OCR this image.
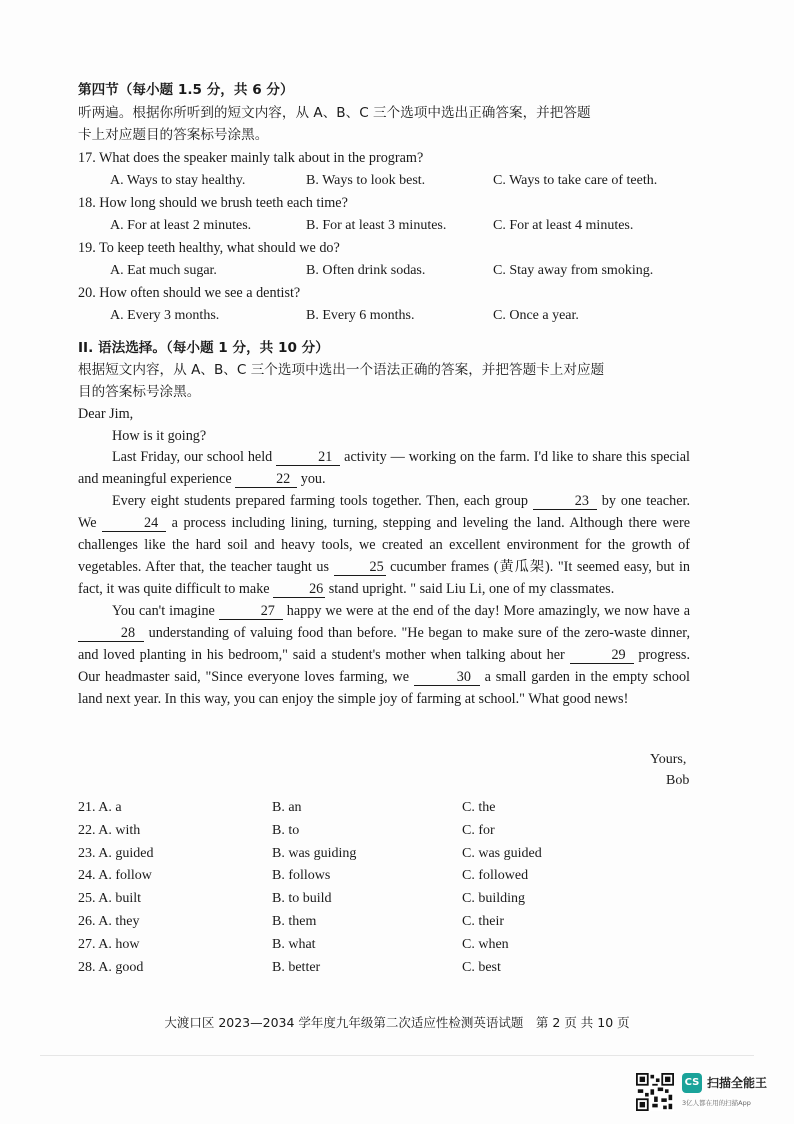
第四节（每小题 1.5 分，共 6 分）
听两遍。根据你所听到的短文内容，从 A、B、C 三个选项中选出正确答案，并把答题
卡上对应题目的答案标号涂黑。
17. What does the speaker mainly talk about in the program?
A. Ways to stay healthy.	B. Ways to look best.	C. Ways to take care of teeth.
18. How long should we brush teeth each time?
A. For at least 2 minutes.	B. For at least 3 minutes.	C. For at least 4 minutes.
19. To keep teeth healthy, what should we do?
A. Eat much sugar.	B. Often drink sodas.	C. Stay away from smoking.
20. How often should we see a dentist?
A. Every 3 months.	B. Every 6 months.	C. Once a year.
II. 语法选择。（每小题 1 分，共 10 分）
根据短文内容，从 A、B、C 三个选项中选出一个语法正确的答案，并把答题卡上对应题
目的答案标号涂黑。
Dear Jim,
How is it going?

Last Friday, our school held	21 activity — working on the farm. I'd like to share this special and meaningful experience	22 you.

Every eight students prepared farming tools together. Then, each group	23 by one teacher. We	24 a process including lining, turning, stepping and leveling the land. Although there were challenges like the hard soil and heavy tools, we created an excellent environment for the growth of vegetables. After that, the teacher taught us	25 cucumber frames (黄瓜架). "It seemed easy, but in fact, it was quite difficult to make	26 stand upright. " said Liu Li, one of my classmates.

You can't imagine	27 happy we were at the end of the day! More amazingly, we now have a 28 understanding of valuing food than before. "He began to make sure of the zero-waste dinner, and loved planting in his bedroom," said a student's mother when talking about her	29 progress. Our headmaster said, "Since everyone loves farming, we	30 a small garden in the empty school land next year. In this way, you can enjoy the simple joy of farming at school." What good news!

Yours,
Bob
21. A. a	B. an	C. the
22. A. with	B. to	C. for
23. A. guided	B. was guiding	C. was guided
24. A. follow	B. follows	C. followed
25. A. built	B. to build	C. building
26. A. they	B. them	C. their
27. A. how	B. what	C. when
28. A. good	B. better	C. best
大渡口区 2023—2034 学年度九年级第二次适应性检测英语试题　第 2 页 共 10 页
CS 扫描全能王
3亿人都在用的扫描App
